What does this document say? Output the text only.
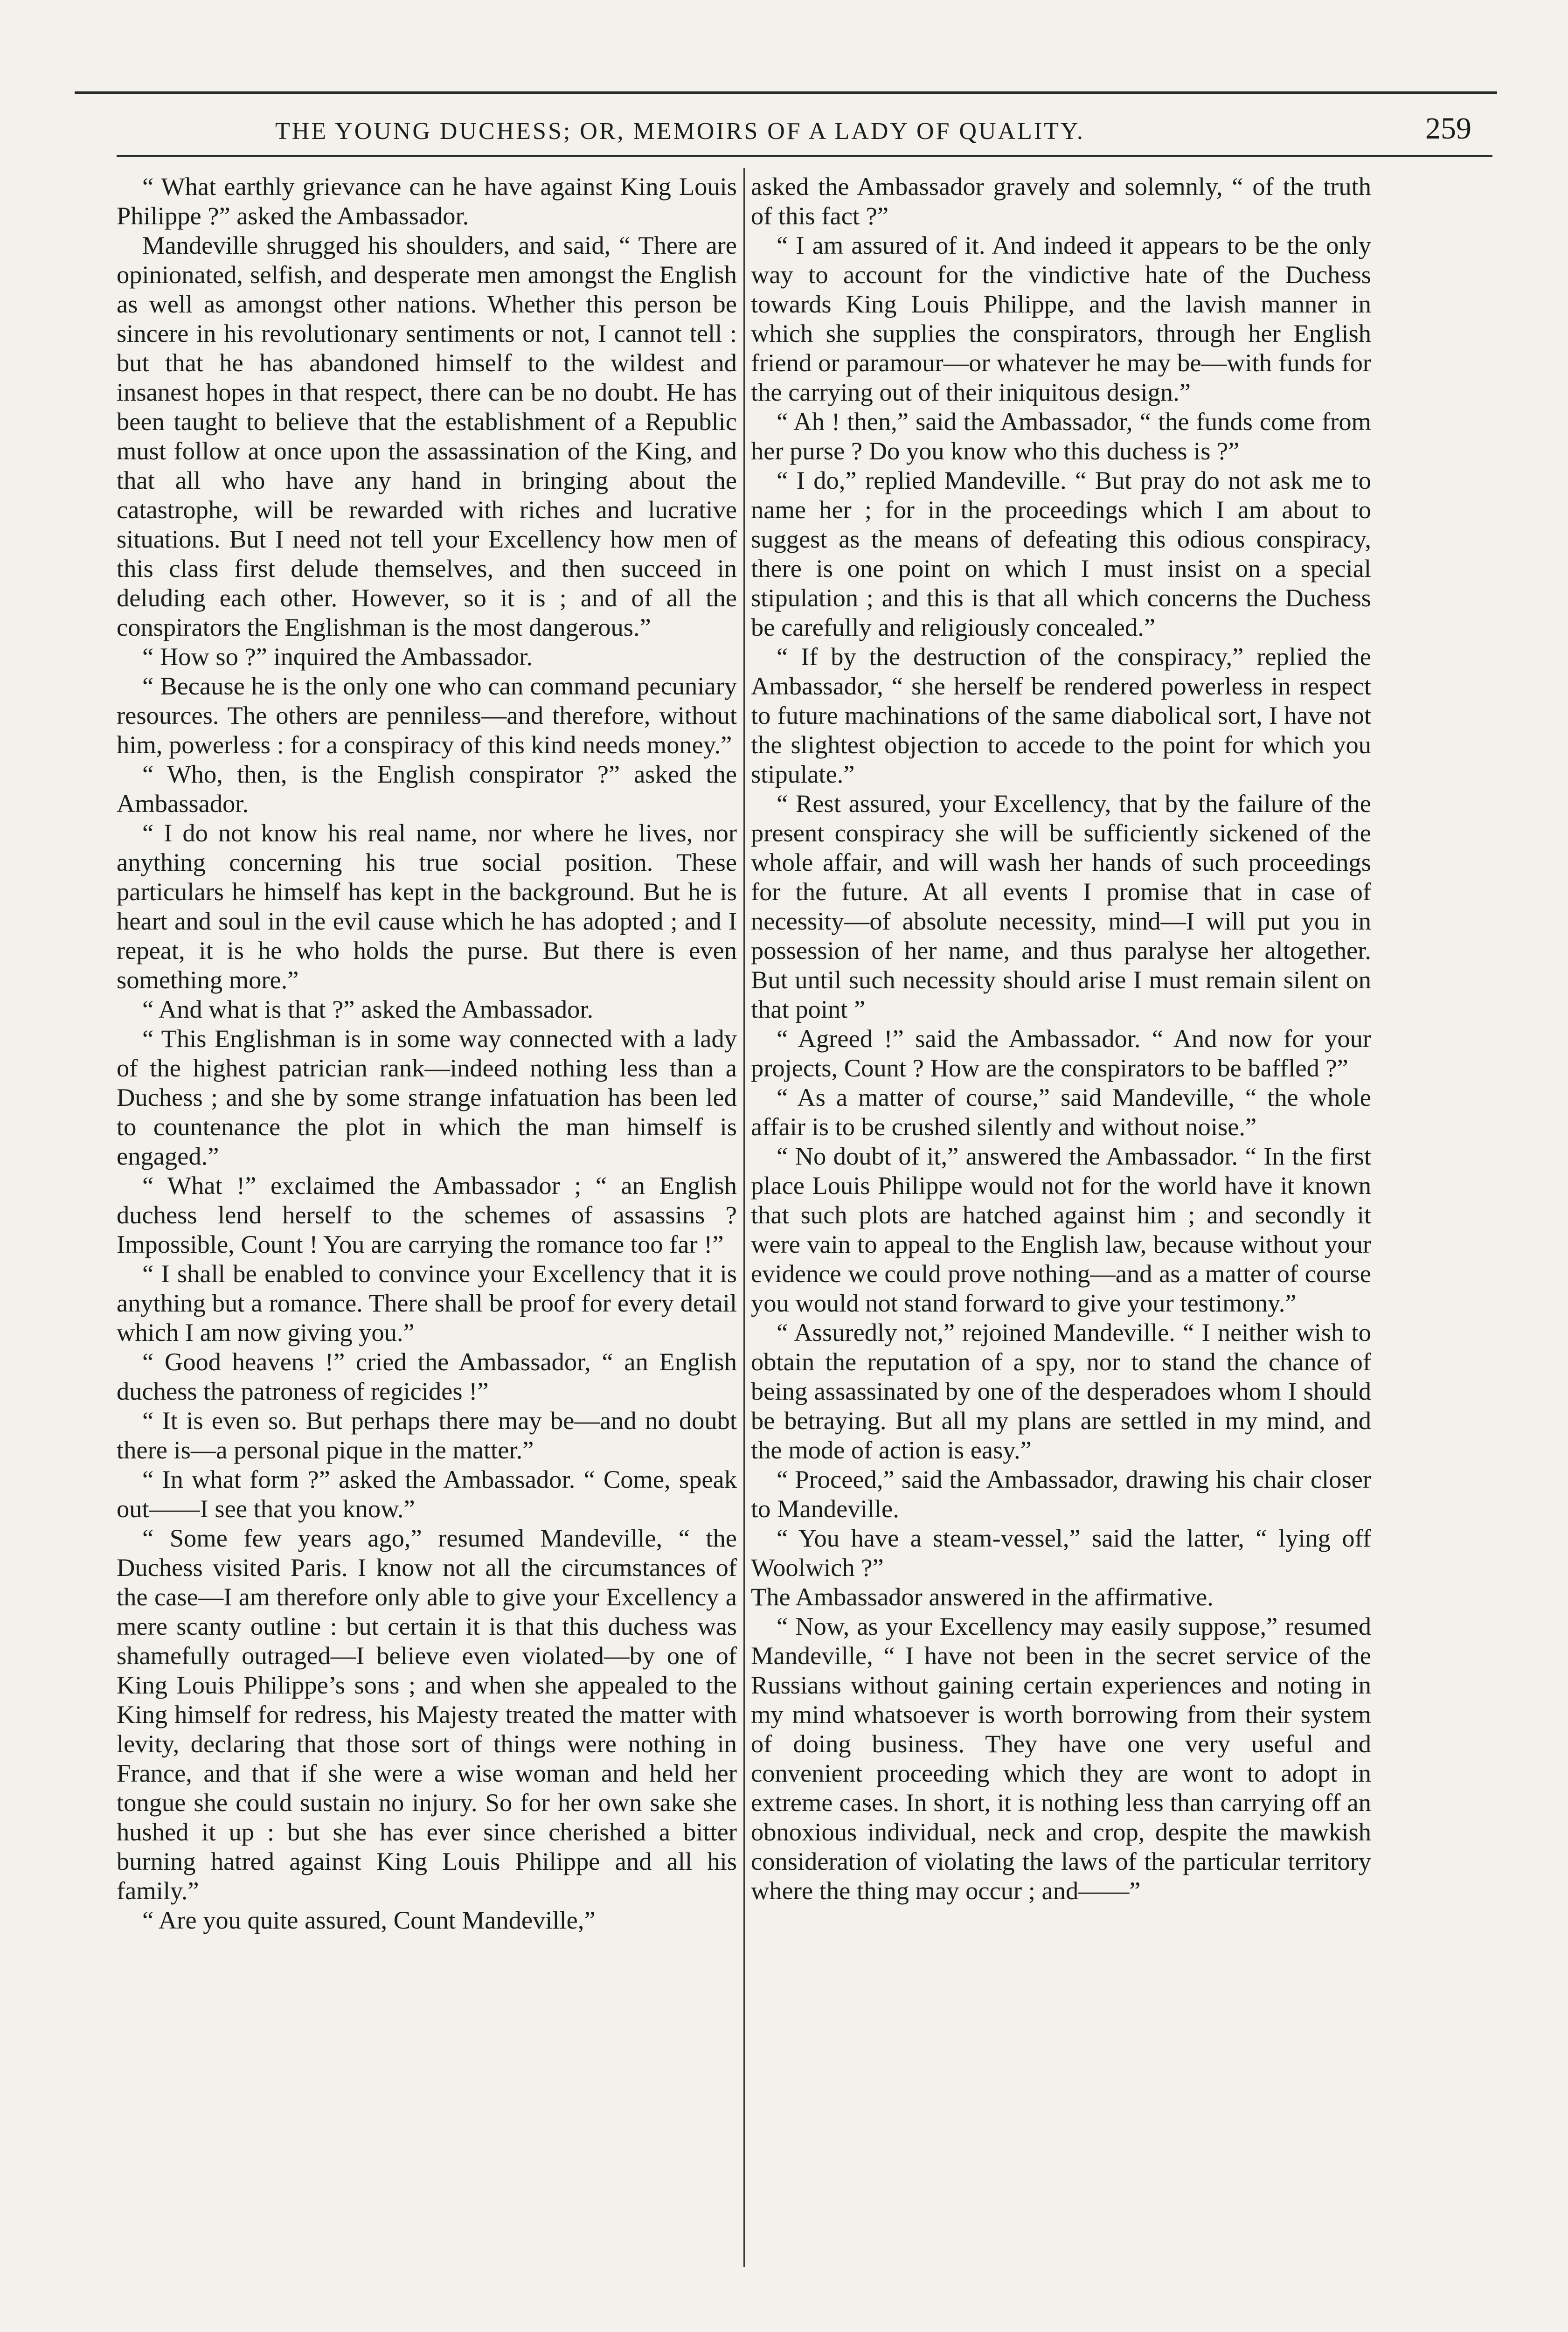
THE YOUNG DUCHESS; OR, MEMOIRS OF A LADY OF QUALITY.	259

“ What earthly grievance can he have against King Louis Philippe ?” asked the Ambassador.

Mandeville shrugged his shoulders, and said, “ There are opinionated, selfish, and desperate men amongst the English as well as amongst other nations. Whether this person be sincere in his revolutionary sentiments or not, I cannot tell : but that he has abandoned himself to the wildest and insanest hopes in that respect, there can be no doubt. He has been taught to believe that the establishment of a Republic must follow at once upon the assassination of the King, and that all who have any hand in bringing about the catastrophe, will be rewarded with riches and lucrative situations. But I need not tell your Excellency how men of this class first delude themselves, and then succeed in deluding each other. However, so it is ; and of all the conspirators the Englishman is the most dangerous.”

“ How so ?” inquired the Ambassador.

“ Because he is the only one who can command pecuniary resources. The others are penniless—and therefore, without him, powerless : for a conspiracy of this kind needs money.”

“ Who, then, is the English conspirator ?” asked the Ambassador.

“ I do not know his real name, nor where he lives, nor anything concerning his true social position. These particulars he himself has kept in the background. But he is heart and soul in the evil cause which he has adopted ; and I repeat, it is he who holds the purse. But there is even something more.”

“ And what is that ?” asked the Ambassador.

“ This Englishman is in some way connected with a lady of the highest patrician rank—indeed nothing less than a Duchess ; and she by some strange infatuation has been led to countenance the plot in which the man himself is engaged.”

“ What !” exclaimed the Ambassador ; “ an English duchess lend herself to the schemes of assassins ? Impossible, Count ! You are carrying the romance too far !”

“ I shall be enabled to convince your Excellency that it is anything but a romance. There shall be proof for every detail which I am now giving you.”

“ Good heavens !” cried the Ambassador, “ an English duchess the patroness of regicides !”

“ It is even so. But perhaps there may be—and no doubt there is—a personal pique in the matter.”

“ In what form ?” asked the Ambassador. “ Come, speak out——I see that you know.”

“ Some few years ago,” resumed Mandeville, “ the Duchess visited Paris. I know not all the circumstances of the case—I am therefore only able to give your Excellency a mere scanty outline : but certain it is that this duchess was shamefully outraged—I believe even violated—by one of King Louis Philippe’s sons ; and when she appealed to the King himself for redress, his Majesty treated the matter with levity, declaring that those sort of things were nothing in France, and that if she were a wise woman and held her tongue she could sustain no injury. So for her own sake she hushed it up : but she has ever since cherished a bitter burning hatred against King Louis Philippe and all his family.”

“ Are you quite assured, Count Mandeville,”

asked the Ambassador gravely and solemnly, “ of the truth of this fact ?”

“ I am assured of it. And indeed it appears to be the only way to account for the vindictive hate of the Duchess towards King Louis Philippe, and the lavish manner in which she supplies the conspirators, through her English friend or paramour—or whatever he may be—with funds for the carrying out of their iniquitous design.”

“ Ah ! then,” said the Ambassador, “ the funds come from her purse ? Do you know who this duchess is ?”

“ I do,” replied Mandeville. “ But pray do not ask me to name her ; for in the proceedings which I am about to suggest as the means of defeating this odious conspiracy, there is one point on which I must insist on a special stipulation ; and this is that all which concerns the Duchess be carefully and religiously concealed.”

“ If by the destruction of the conspiracy,” replied the Ambassador, “ she herself be rendered powerless in respect to future machinations of the same diabolical sort, I have not the slightest objection to accede to the point for which you stipulate.”

“ Rest assured, your Excellency, that by the failure of the present conspiracy she will be sufficiently sickened of the whole affair, and will wash her hands of such proceedings for the future. At all events I promise that in case of necessity—of absolute necessity, mind—I will put you in possession of her name, and thus paralyse her altogether. But until such necessity should arise I must remain silent on that point ”

“ Agreed !” said the Ambassador. “ And now for your projects, Count ? How are the conspirators to be baffled ?”

“ As a matter of course,” said Mandeville, “ the whole affair is to be crushed silently and without noise.”

“ No doubt of it,” answered the Ambassador. “ In the first place Louis Philippe would not for the world have it known that such plots are hatched against him ; and secondly it were vain to appeal to the English law, because without your evidence we could prove nothing—and as a matter of course you would not stand forward to give your testimony.”

“ Assuredly not,” rejoined Mandeville. “ I neither wish to obtain the reputation of a spy, nor to stand the chance of being assassinated by one of the desperadoes whom I should be betraying. But all my plans are settled in my mind, and the mode of action is easy.”

“ Proceed,” said the Ambassador, drawing his chair closer to Mandeville.

“ You have a steam-vessel,” said the latter, “ lying off Woolwich ?”

The Ambassador answered in the affirmative.

“ Now, as your Excellency may easily suppose,” resumed Mandeville, “ I have not been in the secret service of the Russians without gaining certain experiences and noting in my mind whatsoever is worth borrowing from their system of doing business. They have one very useful and convenient proceeding which they are wont to adopt in extreme cases. In short, it is nothing less than carrying off an obnoxious individual, neck and crop, despite the mawkish consideration of violating the laws of the particular territory where the thing may occur ; and——”
